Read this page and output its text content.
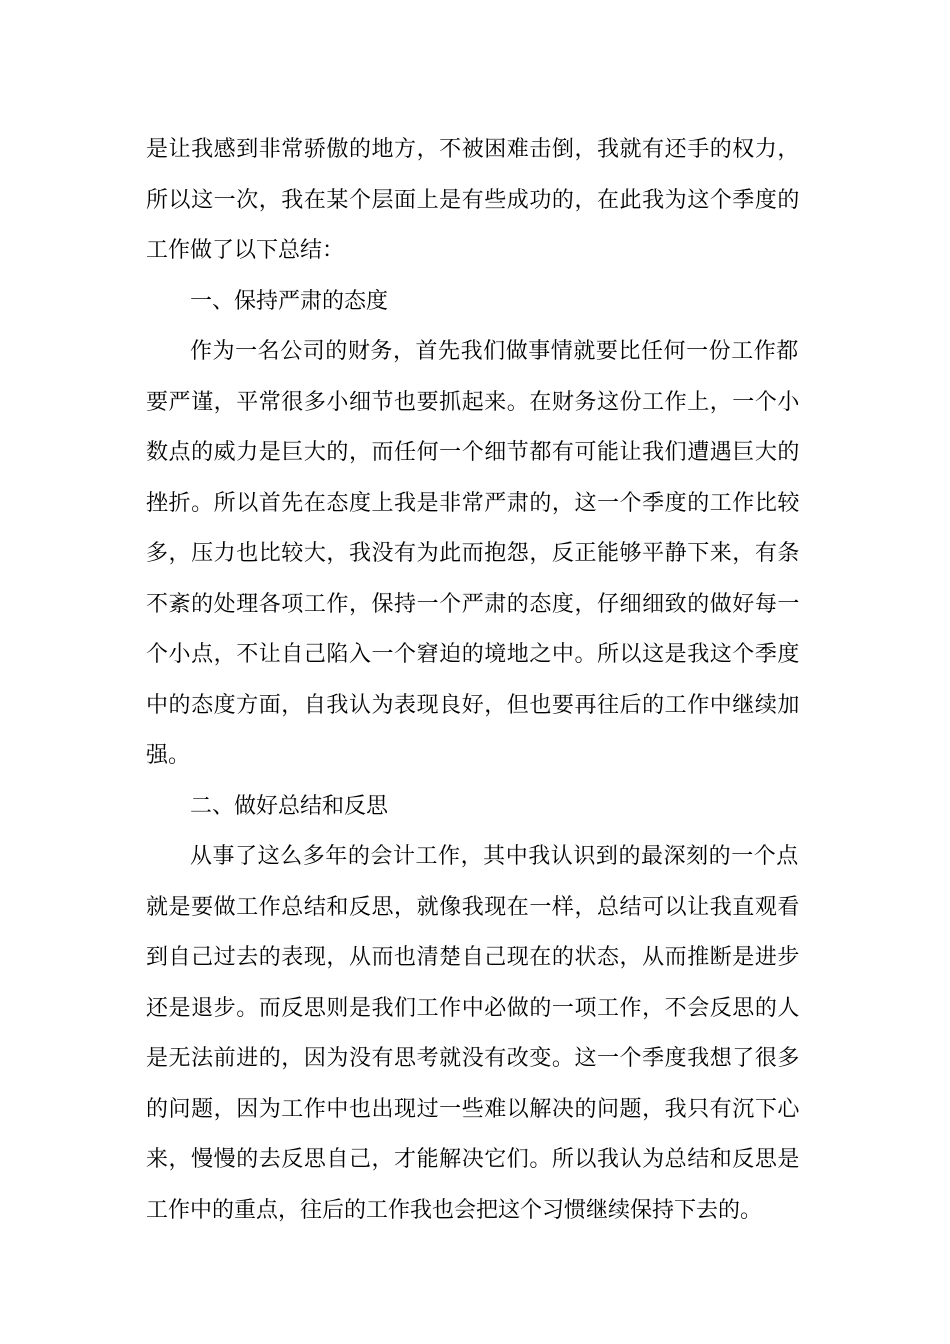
是让我感到非常骄傲的地方，不被困难击倒，我就有还手的权力，
所以这一次，我在某个层面上是有些成功的，在此我为这个季度的
工作做了以下总结：
一、保持严肃的态度
作为一名公司的财务，首先我们做事情就要比任何一份工作都
要严谨，平常很多小细节也要抓起来。在财务这份工作上，一个小
数点的威力是巨大的，而任何一个细节都有可能让我们遭遇巨大的
挫折。所以首先在态度上我是非常严肃的，这一个季度的工作比较
多，压力也比较大，我没有为此而抱怨，反正能够平静下来，有条
不紊的处理各项工作，保持一个严肃的态度，仔细细致的做好每一
个小点，不让自己陷入一个窘迫的境地之中。所以这是我这个季度
中的态度方面，自我认为表现良好，但也要再往后的工作中继续加
强。
二、做好总结和反思
从事了这么多年的会计工作，其中我认识到的最深刻的一个点
就是要做工作总结和反思，就像我现在一样，总结可以让我直观看
到自己过去的表现，从而也清楚自己现在的状态，从而推断是进步
还是退步。而反思则是我们工作中必做的一项工作，不会反思的人
是无法前进的，因为没有思考就没有改变。这一个季度我想了很多
的问题，因为工作中也出现过一些难以解决的问题，我只有沉下心
来，慢慢的去反思自己，才能解决它们。所以我认为总结和反思是
工作中的重点，往后的工作我也会把这个习惯继续保持下去的。
